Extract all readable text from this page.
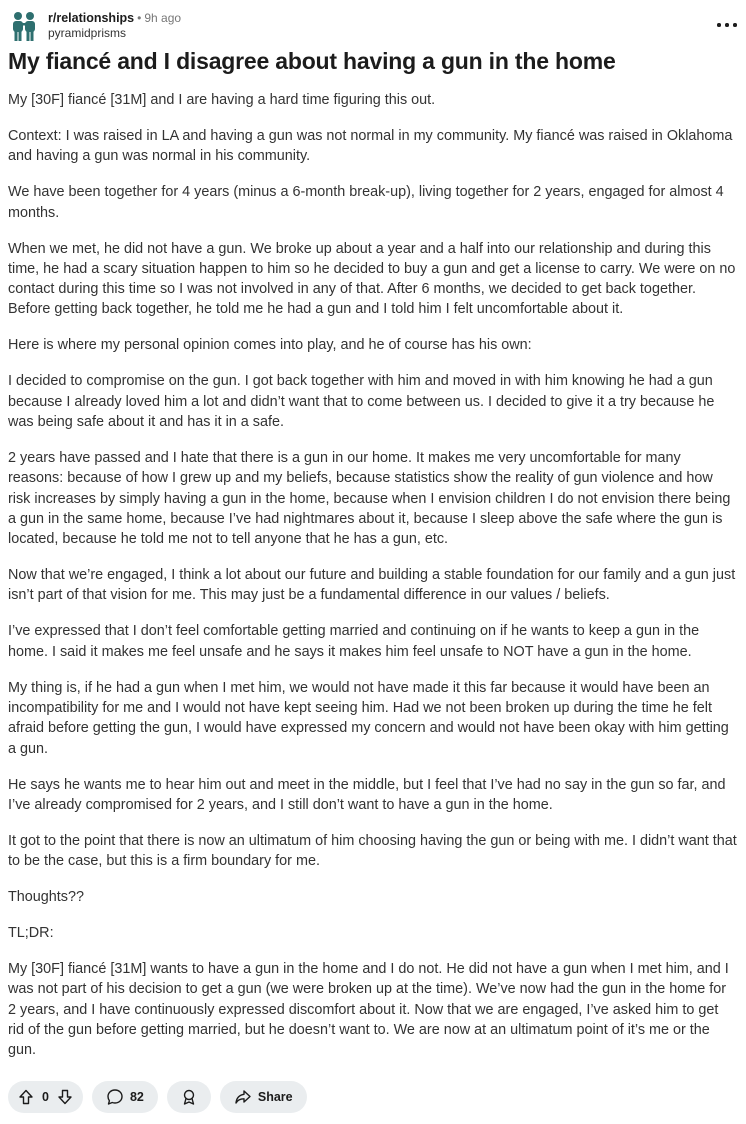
r/relationships • 9h ago
pyramidprisms
My fiancé and I disagree about having a gun in the home

My [30F] fiancé [31M] and I are having a hard time figuring this out.

Context: I was raised in LA and having a gun was not normal in my community. My fiancé was raised in Oklahoma and having a gun was normal in his community.

We have been together for 4 years (minus a 6-month break-up), living together for 2 years, engaged for almost 4 months.

When we met, he did not have a gun. We broke up about a year and a half into our relationship and during this time, he had a scary situation happen to him so he decided to buy a gun and get a license to carry. We were on no contact during this time so I was not involved in any of that. After 6 months, we decided to get back together. Before getting back together, he told me he had a gun and I told him I felt uncomfortable about it.

Here is where my personal opinion comes into play, and he of course has his own:

I decided to compromise on the gun. I got back together with him and moved in with him knowing he had a gun because I already loved him a lot and didn’t want that to come between us. I decided to give it a try because he was being safe about it and has it in a safe.

2 years have passed and I hate that there is a gun in our home. It makes me very uncomfortable for many reasons: because of how I grew up and my beliefs, because statistics show the reality of gun violence and how risk increases by simply having a gun in the home, because when I envision children I do not envision there being a gun in the same home, because I’ve had nightmares about it, because I sleep above the safe where the gun is located, because he told me not to tell anyone that he has a gun, etc.

Now that we’re engaged, I think a lot about our future and building a stable foundation for our family and a gun just isn’t part of that vision for me. This may just be a fundamental difference in our values / beliefs.

I’ve expressed that I don’t feel comfortable getting married and continuing on if he wants to keep a gun in the home. I said it makes me feel unsafe and he says it makes him feel unsafe to NOT have a gun in the home.

My thing is, if he had a gun when I met him, we would not have made it this far because it would have been an incompatibility for me and I would not have kept seeing him. Had we not been broken up during the time he felt afraid before getting the gun, I would have expressed my concern and would not have been okay with him getting a gun.

He says he wants me to hear him out and meet in the middle, but I feel that I’ve had no say in the gun so far, and I’ve already compromised for 2 years, and I still don’t want to have a gun in the home.

It got to the point that there is now an ultimatum of him choosing having the gun or being with me. I didn’t want that to be the case, but this is a firm boundary for me.

Thoughts??

TL;DR:

My [30F] fiancé [31M] wants to have a gun in the home and I do not. He did not have a gun when I met him, and I was not part of his decision to get a gun (we were broken up at the time). We’ve now had the gun in the home for 2 years, and I have continuously expressed discomfort about it. Now that we are engaged, I’ve asked him to get rid of the gun before getting married, but he doesn’t want to. We are now at an ultimatum point of it’s me or the gun.

0	82	Share
